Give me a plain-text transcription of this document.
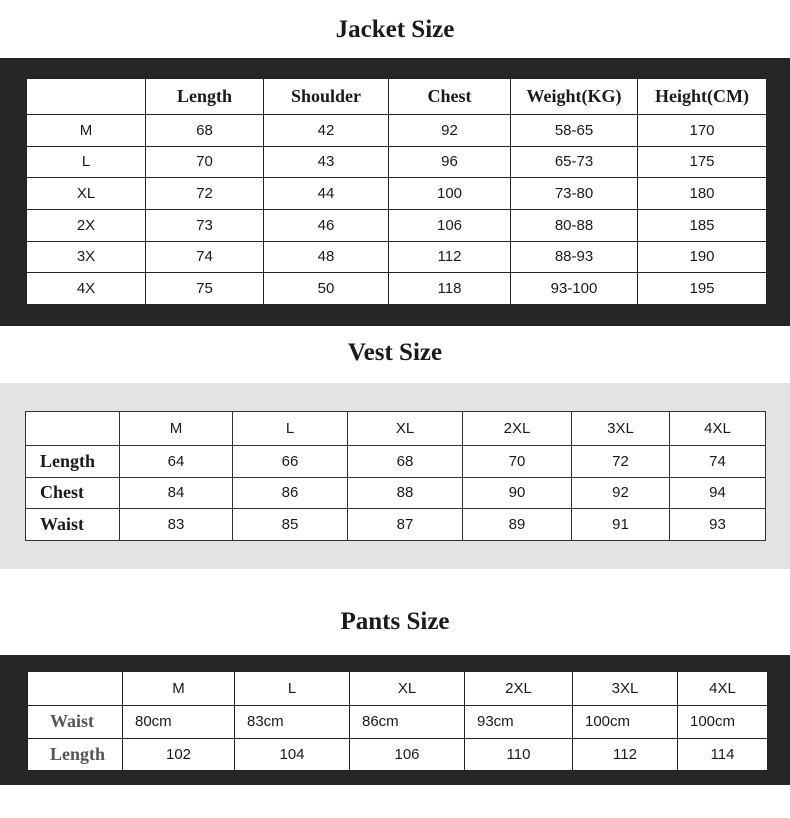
Jacket Size
	Length	Shoulder	Chest	Weight(KG)	Height(CM)
M	68	42	92	58-65	170
L	70	43	96	65-73	175
XL	72	44	100	73-80	180
2X	73	46	106	80-88	185
3X	74	48	112	88-93	190
4X	75	50	118	93-100	195
Vest Size
	M	L	XL	2XL	3XL	4XL
Length	64	66	68	70	72	74
Chest	84	86	88	90	92	94
Waist	83	85	87	89	91	93
Pants Size
	M	L	XL	2XL	3XL	4XL
Waist	80cm	83cm	86cm	93cm	100cm	100cm
Length	102	104	106	110	112	114
